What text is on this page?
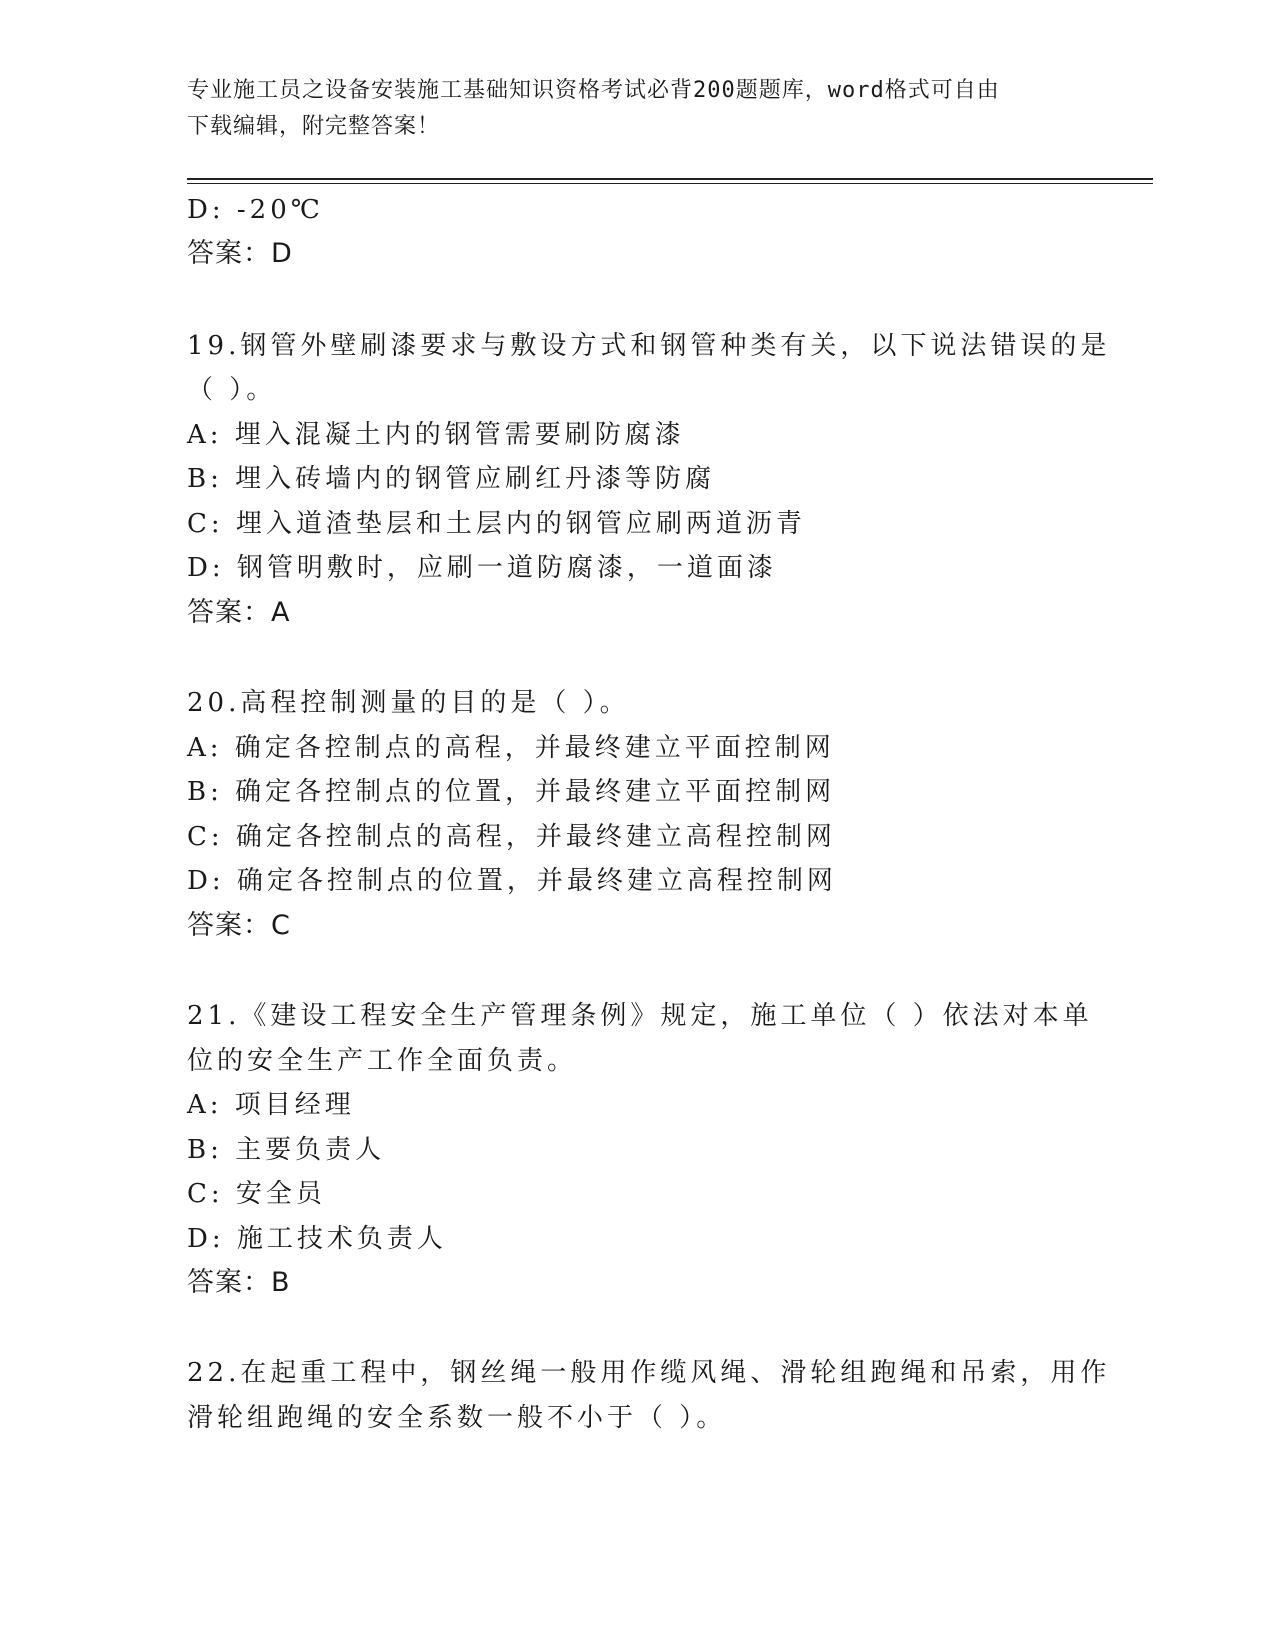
专业施工员之设备安装施工基础知识资格考试必背200题题库，word格式可自由
下载编辑，附完整答案！
D: -20℃
答案：D
19.钢管外壁刷漆要求与敷设方式和钢管种类有关，以下说法错误的是
（ ）。
A: 埋入混凝土内的钢管需要刷防腐漆
B: 埋入砖墙内的钢管应刷红丹漆等防腐
C: 埋入道渣垫层和土层内的钢管应刷两道沥青
D: 钢管明敷时，应刷一道防腐漆，一道面漆
答案：A
20.高程控制测量的目的是（ ）。
A: 确定各控制点的高程，并最终建立平面控制网
B: 确定各控制点的位置，并最终建立平面控制网
C: 确定各控制点的高程，并最终建立高程控制网
D: 确定各控制点的位置，并最终建立高程控制网
答案：C
21.《建设工程安全生产管理条例》规定，施工单位（ ）依法对本单
位的安全生产工作全面负责。
A: 项目经理
B: 主要负责人
C: 安全员
D: 施工技术负责人
答案：B
22.在起重工程中，钢丝绳一般用作缆风绳、滑轮组跑绳和吊索，用作
滑轮组跑绳的安全系数一般不小于（ ）。
